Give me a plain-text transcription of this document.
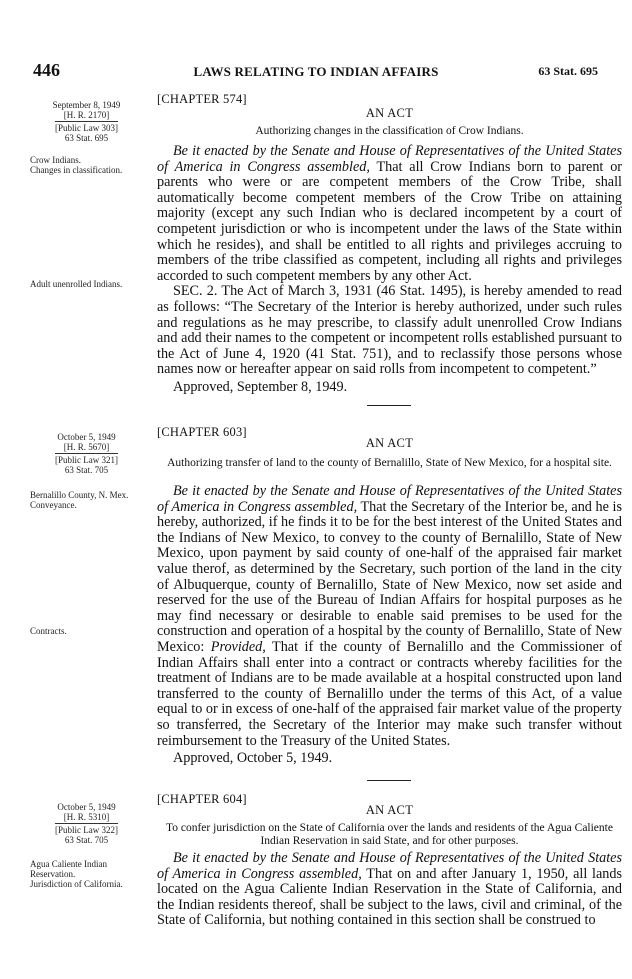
446	LAWS RELATING TO INDIAN AFFAIRS	63 Stat. 695
September 8, 1949
[H. R. 2170]
[Public Law 303]
63 Stat. 695
Crow Indians.
Changes in classification.
Adult unenrolled Indians.
[CHAPTER 574]
AN ACT
Authorizing changes in the classification of Crow Indians.

Be it enacted by the Senate and House of Representatives of the United States of America in Congress assembled, That all Crow Indians born to parent or parents who were or are competent members of the Crow Tribe, shall automatically become competent members of the Crow Tribe on attaining majority (except any such Indian who is declared incompetent by a court of competent jurisdiction or who is incompetent under the laws of the State within which he resides), and shall be entitled to all rights and privileges accruing to members of the tribe classified as competent, including all rights and privileges accorded to such competent members by any other Act.

SEC. 2. The Act of March 3, 1931 (46 Stat. 1495), is hereby amended to read as follows: “The Secretary of the Interior is hereby authorized, under such rules and regulations as he may prescribe, to classify adult unenrolled Crow Indians and add their names to the competent or incompetent rolls established pursuant to the Act of June 4, 1920 (41 Stat. 751), and to reclassify those persons whose names now or hereafter appear on said rolls from incompetent to competent.”

Approved, September 8, 1949.

October 5, 1949
[H. R. 5670]
[Public Law 321]
63 Stat. 705
Bernalillo County, N. Mex.
Conveyance.
Contracts.
[CHAPTER 603]
AN ACT
Authorizing transfer of land to the county of Bernalillo, State of New Mexico, for a hospital site.

Be it enacted by the Senate and House of Representatives of the United States of America in Congress assembled, That the Secretary of the Interior be, and he is hereby, authorized, if he finds it to be for the best interest of the United States and the Indians of New Mexico, to convey to the county of Bernalillo, State of New Mexico, upon payment by said county of one-half of the appraised fair market value therof, as determined by the Secretary, such portion of the land in the city of Albuquerque, county of Bernalillo, State of New Mexico, now set aside and reserved for the use of the Bureau of Indian Affairs for hospital purposes as he may find necessary or desirable to enable said premises to be used for the construction and operation of a hospital by the county of Bernalillo, State of New Mexico: Provided, That if the county of Bernalillo and the Commissioner of Indian Affairs shall enter into a contract or contracts whereby facilities for the treatment of Indians are to be made available at a hospital constructed upon land transferred to the county of Bernalillo under the terms of this Act, of a value equal to or in excess of one-half of the appraised fair market value of the property so transferred, the Secretary of the Interior may make such transfer without reimbursement to the Treasury of the United States.

Approved, October 5, 1949.

October 5, 1949
[H. R. 5310]
[Public Law 322]
63 Stat. 705
Agua Caliente Indian Reservation.
Jurisdiction of California.
[CHAPTER 604]
AN ACT
To confer jurisdiction on the State of California over the lands and residents of the Agua Caliente Indian Reservation in said State, and for other purposes.

Be it enacted by the Senate and House of Representatives of the United States of America in Congress assembled, That on and after January 1, 1950, all lands located on the Agua Caliente Indian Reservation in the State of California, and the Indian residents thereof, shall be subject to the laws, civil and criminal, of the State of California, but nothing contained in this section shall be construed to
